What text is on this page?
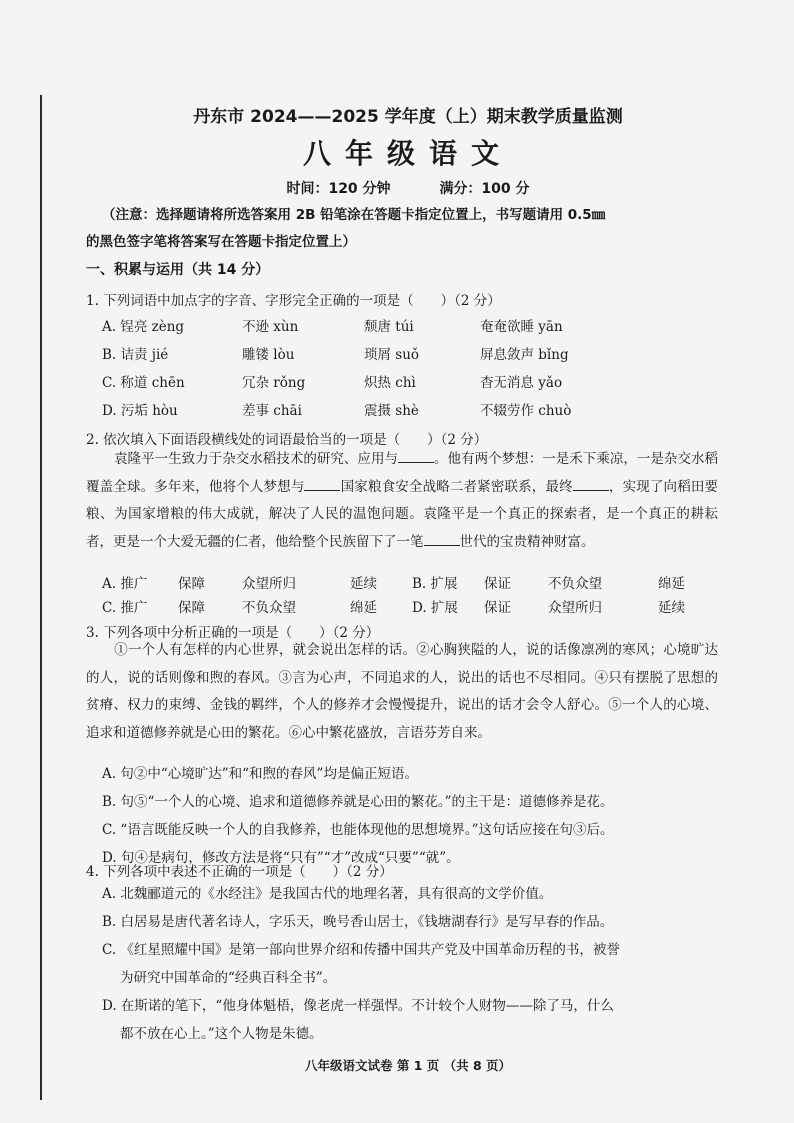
丹东市 2024——2025 学年度（上）期末教学质量监测
八年级语文
时间：120 分钟	满分：100 分
（注意：选择题请将所选答案用 2B 铅笔涂在答题卡指定位置上，书写题请用 0.5㎜
的黑色签字笔将答案写在答题卡指定位置上）
一、积累与运用（共 14 分）
1. 下列词语中加点字的字音、字形完全正确的一项是（　　）（2 分）
A. 锃亮 zèng	不逊 xùn	颓唐 túi	奄奄欲睡 yān
B. 诘责 jié	雕镂 lòu	琐屑 suǒ	屏息敛声 bǐng
C. 称道 chēn	冗杂 rǒng	炽热 chì	杳无消息 yǎo
D. 污垢 hòu	差事 chāi	震摄 shè	不辍劳作 chuò
2. 依次填入下面语段横线处的词语最恰当的一项是（　　）（2 分）
袁隆平一生致力于杂交水稻技术的研究、应用与	。他有两个梦想：一是禾下乘凉，一是杂交水稻覆盖全球。多年来，他将个人梦想与	国家粮食安全战略二者紧密联系，最终	，实现了向稻田要粮、为国家增粮的伟大成就，解决了人民的温饱问题。袁隆平是一个真正的探索者，是一个真正的耕耘者，更是一个大爱无疆的仁者，他给整个民族留下了一笔	世代的宝贵精神财富。
A. 推广 保障	众望所归	延续	B. 扩展 保证	不负众望	绵延
C. 推广 保障	不负众望	绵延	D. 扩展 保证	众望所归	延续
3. 下列各项中分析正确的一项是（　　）（2 分）
①一个人有怎样的内心世界，就会说出怎样的话。②心胸狭隘的人，说的话像凛冽的寒风；心境旷达的人，说的话则像和煦的春风。③言为心声，不同追求的人，说出的话也不尽相同。④只有摆脱了思想的贫瘠、权力的束缚、金钱的羁绊，个人的修养才会慢慢提升，说出的话才会令人舒心。⑤一个人的心境、追求和道德修养就是心田的繁花。⑥心中繁花盛放，言语芬芳自来。
A. 句②中“心境旷达”和“和煦的春风”均是偏正短语。
B. 句⑤“一个人的心境、追求和道德修养就是心田的繁花。”的主干是：道德修养是花。
C. “语言既能反映一个人的自我修养，也能体现他的思想境界。”这句话应接在句③后。
D. 句④是病句，修改方法是将“只有”“才”改成“只要”“就”。
4. 下列各项中表述不正确的一项是（　　）（2 分）
A. 北魏郦道元的《水经注》是我国古代的地理名著，具有很高的文学价值。
B. 白居易是唐代著名诗人，字乐天，晚号香山居士，《钱塘湖春行》是写早春的作品。
C. 《红星照耀中国》是第一部向世界介绍和传播中国共产党及中国革命历程的书，被誉
为研究中国革命的“经典百科全书”。
D. 在斯诺的笔下，“他身体魁梧，像老虎一样强悍。不计较个人财物——除了马，什么
都不放在心上。”这个人物是朱德。
八年级语文试卷 第 1 页 （共 8 页）
